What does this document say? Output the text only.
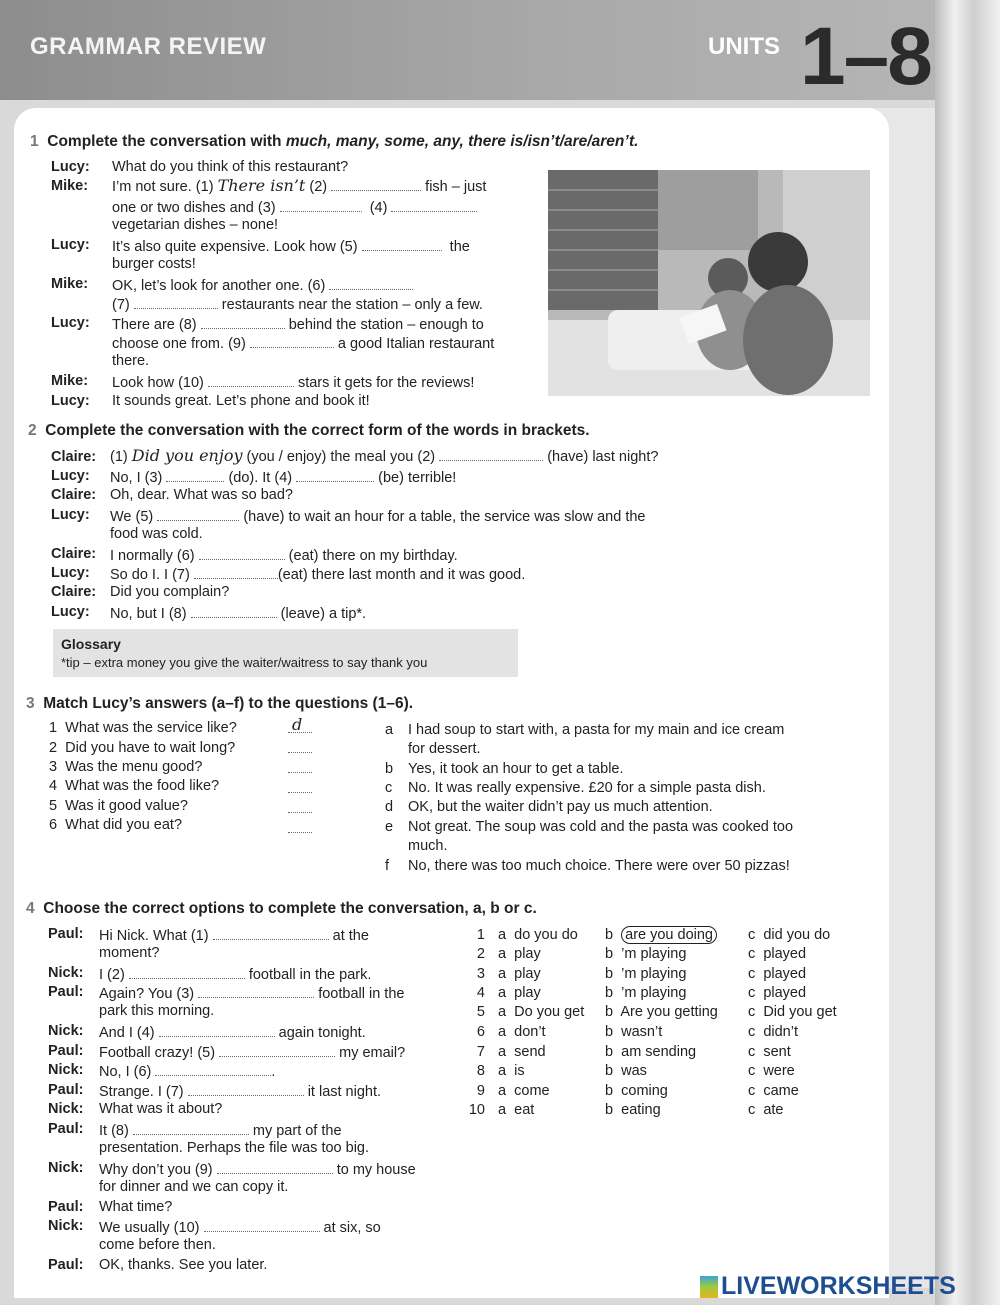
GRAMMAR REVIEW	UNITS 1–8
1 Complete the conversation with much, many, some, any, there is/isn’t/are/aren’t.
Lucy: What do you think of this restaurant?
Mike: I’m not sure. (1) There isn’t (2)	fish – just
one or two dishes and (3)	(4)
vegetarian dishes – none!
Lucy: It’s also quite expensive. Look how (5)	the
burger costs!
Mike: OK, let’s look for another one. (6)
(7)	restaurants near the station – only a few.
Lucy: There are (8)	behind the station – enough to
choose one from. (9)	a good Italian restaurant
there.
Mike: Look how (10)	stars it gets for the reviews!
Lucy: It sounds great. Let’s phone and book it!
2 Complete the conversation with the correct form of the words in brackets.
Claire: (1) Did you enjoy (you / enjoy) the meal you (2)	(have) last night?
Lucy: No, I (3)	(do). It (4)	(be) terrible!
Claire: Oh, dear. What was so bad?
Lucy: We (5)	(have) to wait an hour for a table, the service was slow and the
food was cold.
Claire: I normally (6)	(eat) there on my birthday.
Lucy: So do I. I (7)	(eat) there last month and it was good.
Claire: Did you complain?
Lucy: No, but I (8)	(leave) a tip*.
Glossary
*tip – extra money you give the waiter/waitress to say thank you
3 Match Lucy’s answers (a–f) to the questions (1–6).
1 What was the service like?	d
2 Did you have to wait long?
3 Was the menu good?
4 What was the food like?
5 Was it good value?
6 What did you eat?
a I had soup to start with, a pasta for my main and ice cream
for dessert.
b Yes, it took an hour to get a table.
c No. It was really expensive. £20 for a simple pasta dish.
d OK, but the waiter didn’t pay us much attention.
e Not great. The soup was cold and the pasta was cooked too
much.
f No, there was too much choice. There were over 50 pizzas!
4 Choose the correct options to complete the conversation, a, b or c.
Paul: Hi Nick. What (1)	at the
moment?
Nick: I (2)	football in the park.
Paul: Again? You (3)	football in the
park this morning.
Nick: And I (4)	again tonight.
Paul: Football crazy! (5)	my email?
Nick: No, I (6)	.
Paul: Strange. I (7)	it last night.
Nick: What was it about?
Paul: It (8)	my part of the
presentation. Perhaps the file was too big.
Nick: Why don’t you (9)	to my house
for dinner and we can copy it.
Paul: What time?
Nick: We usually (10)	at six, so
come before then.
Paul: OK, thanks. See you later.
1 a  do you do b  are you doing c  did you do
2 a  play	b  ’m playing	c  played
3 a  play	b  ’m playing	c  played
4 a  play	b  ’m playing	c  played
5 a  Do you get b  Are you getting c  Did you get
6 a  don’t	b  wasn’t	c  didn’t
7 a  send	b  am sending	c  sent
8 a  is	b  was	c  were
9 a  come	b  coming	c  came
10 a  eat	b  eating	c  ate
LIVEWORKSHEETS
